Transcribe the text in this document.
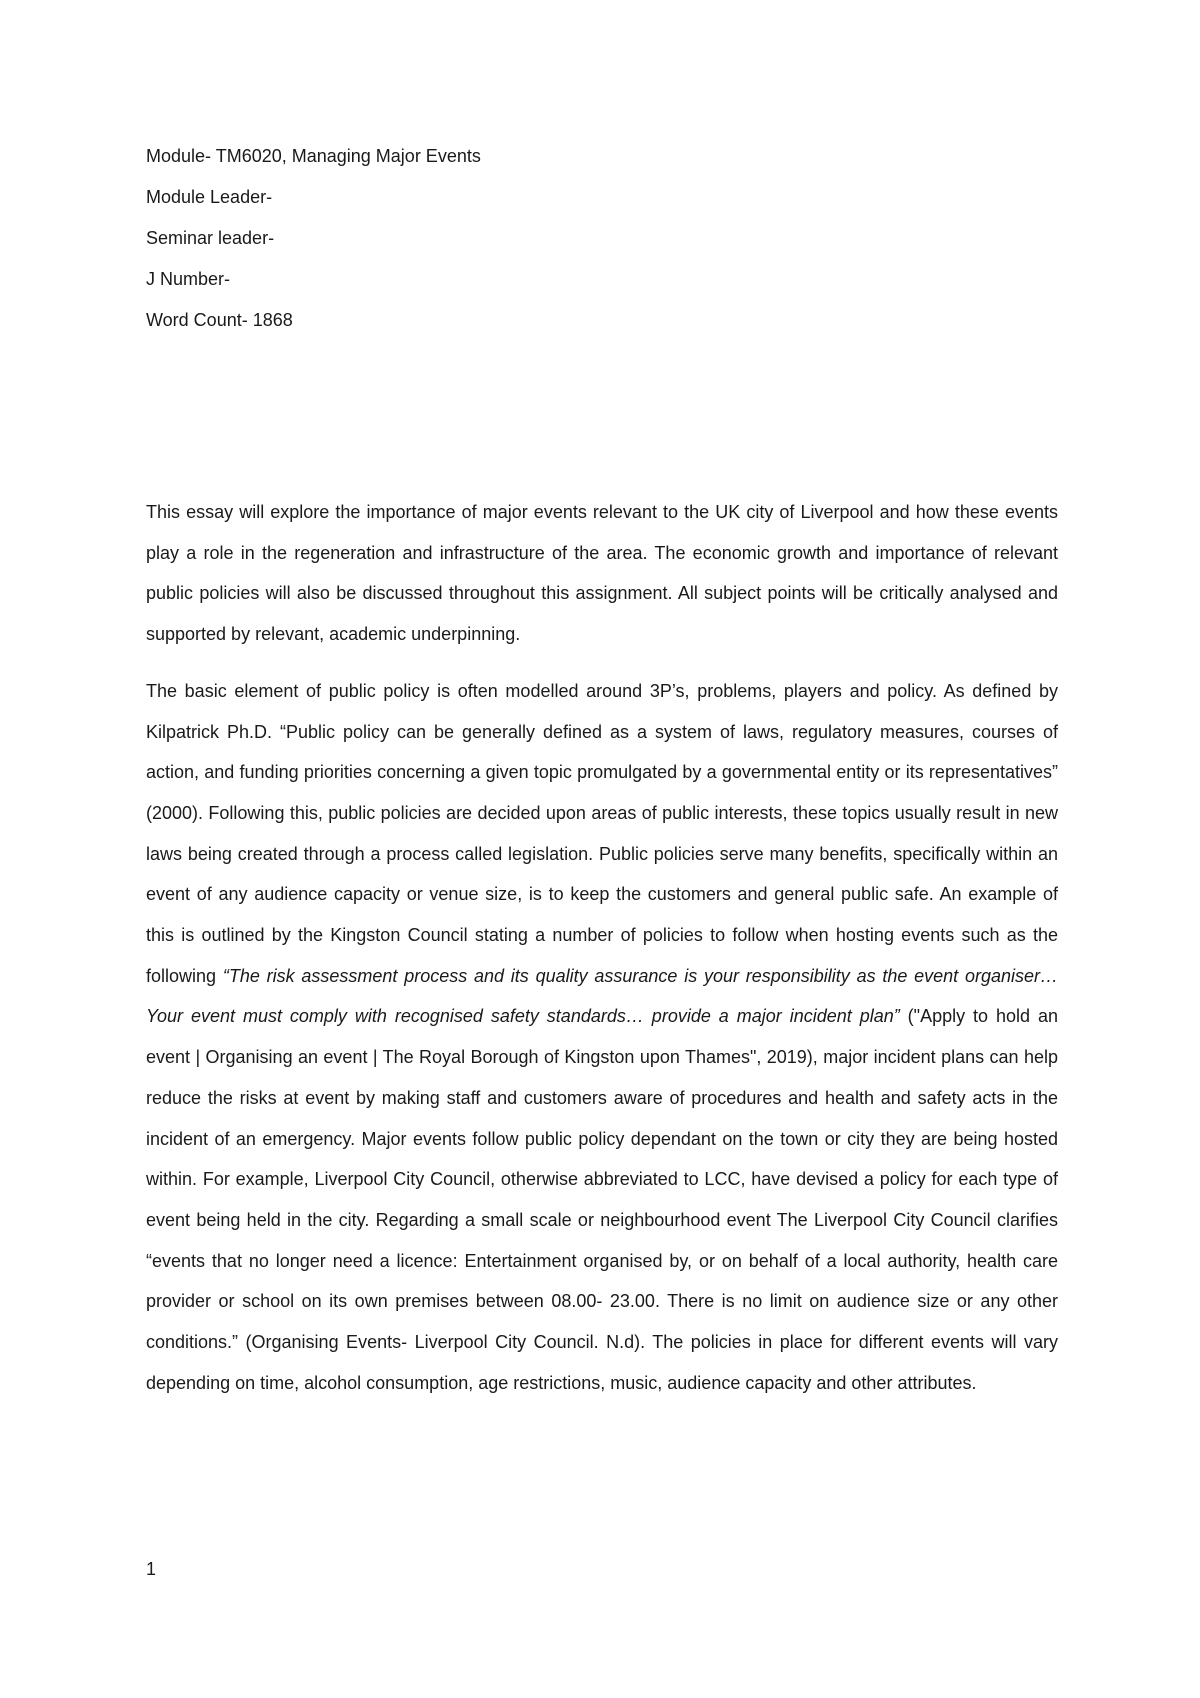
Module- TM6020, Managing Major Events
Module Leader-
Seminar leader-
J Number-
Word Count- 1868

This essay will explore the importance of major events relevant to the UK city of Liverpool and how these events play a role in the regeneration and infrastructure of the area. The economic growth and importance of relevant public policies will also be discussed throughout this assignment. All subject points will be critically analysed and supported by relevant, academic underpinning.

The basic element of public policy is often modelled around 3P’s, problems, players and policy. As defined by Kilpatrick Ph.D. “Public policy can be generally defined as a system of laws, regulatory measures, courses of action, and funding priorities concerning a given topic promulgated by a governmental entity or its representatives” (2000). Following this, public policies are decided upon areas of public interests, these topics usually result in new laws being created through a process called legislation. Public policies serve many benefits, specifically within an event of any audience capacity or venue size, is to keep the customers and general public safe. An example of this is outlined by the Kingston Council stating a number of policies to follow when hosting events such as the following “The risk assessment process and its quality assurance is your responsibility as the event organiser… Your event must comply with recognised safety standards… provide a major incident plan” ("Apply to hold an event | Organising an event | The Royal Borough of Kingston upon Thames", 2019), major incident plans can help reduce the risks at event by making staff and customers aware of procedures and health and safety acts in the incident of an emergency. Major events follow public policy dependant on the town or city they are being hosted within. For example, Liverpool City Council, otherwise abbreviated to LCC, have devised a policy for each type of event being held in the city. Regarding a small scale or neighbourhood event The Liverpool City Council clarifies “events that no longer need a licence: Entertainment organised by, or on behalf of a local authority, health care provider or school on its own premises between 08.00- 23.00. There is no limit on audience size or any other conditions.” (Organising Events- Liverpool City Council. N.d). The policies in place for different events will vary depending on time, alcohol consumption, age restrictions, music, audience capacity and other attributes.

1
